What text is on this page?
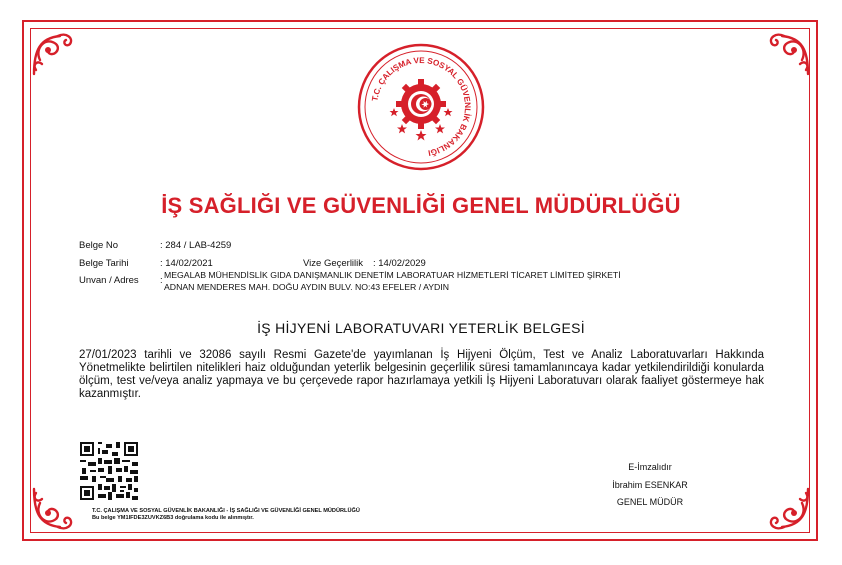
T.C. ÇALIŞMA VE SOSYAL GÜVENLİK BAKANLIĞI
İŞ SAĞLIĞI VE GÜVENLİĞİ GENEL MÜDÜRLÜĞÜ
Belge No	: 284 / LAB-4259
Belge Tarihi	: 14/02/2021	Vize Geçerlilik : 14/02/2029
Unvan / Adres : MEGALAB MÜHENDİSLİK GIDA DANIŞMANLIK DENETİM LABORATUAR HİZMETLERİ TİCARET LİMİTED ŞİRKETİ
ADNAN MENDERES MAH. DOĞU AYDIN BULV. NO:43 EFELER / AYDIN
İŞ HİJYENİ LABORATUVARI YETERLİK BELGESİ
27/01/2023 tarihli ve 32086 sayılı Resmi Gazete'de yayımlanan İş Hijyeni Ölçüm, Test ve Analiz Laboratuvarları Hakkında Yönetmelikte belirtilen nitelikleri haiz olduğundan yeterlik belgesinin geçerlilik süresi tamamlanıncaya kadar yetkilendirildiği konularda ölçüm, test ve/veya analiz yapmaya ve bu çerçevede rapor hazırlamaya yetkili İş Hijyeni Laboratuvarı olarak faaliyet göstermeye hak kazanmıştır.
T.C. ÇALIŞMA VE SOSYAL GÜVENLİK BAKANLIĞI - İŞ SAĞLIĞI VE GÜVENLİĞİ GENEL MÜDÜRLÜĞÜ
Bu belge YM1IFDE3ZUVKZ6B3 doğrulama kodu ile alınmıştır.
E-İmzalıdır
İbrahim ESENKAR
GENEL MÜDÜR
